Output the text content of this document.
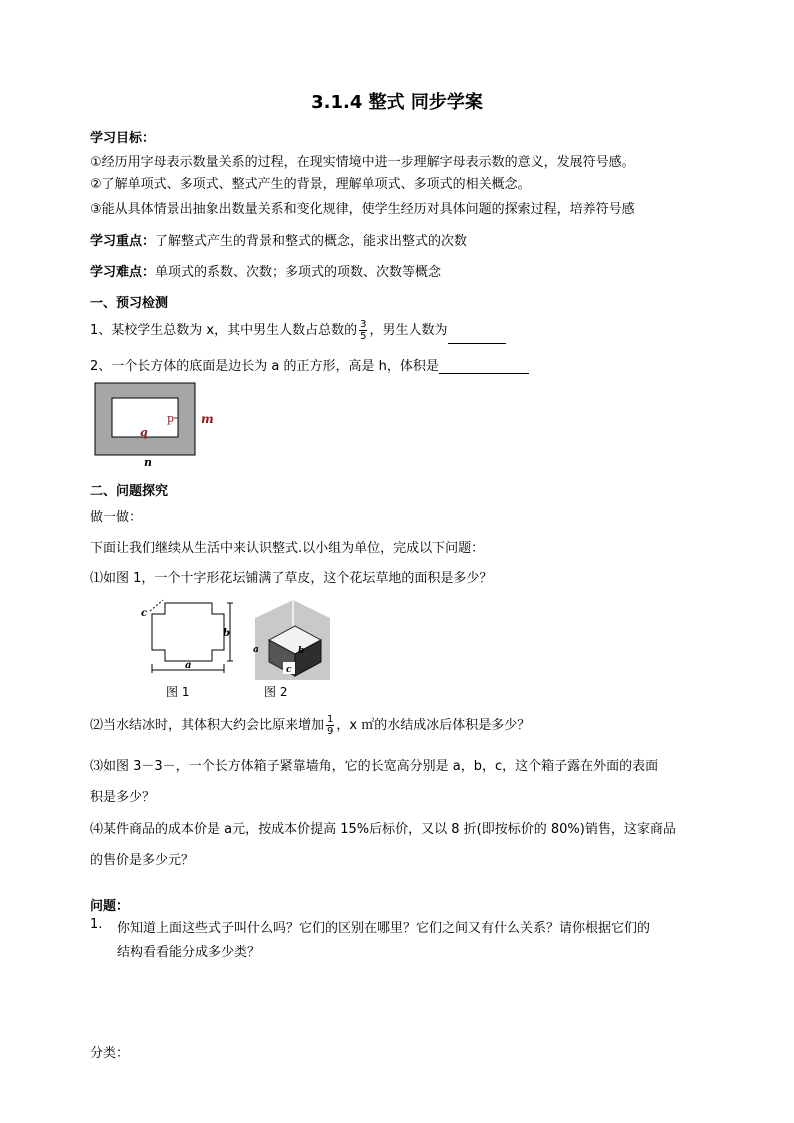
3.1.4 整式 同步学案
学习目标：
①经历用字母表示数量关系的过程，在现实情境中进一步理解字母表示数的意义，发展符号感。
②了解单项式、多项式、整式产生的背景，理解单项式、多项式的相关概念。
③能从具体情景出抽象出数量关系和变化规律，使学生经历对具体问题的探索过程，培养符号感
学习重点：了解整式产生的背景和整式的概念，能求出整式的次数
学习难点：单项式的系数、次数；多项式的项数、次数等概念
一、预习检测
1、某校学生总数为 x，其中男生人数占总数的 $\frac{3}{5}$ ，男生人数为
2、一个长方体的底面是边长为 a 的正方形，高是 h，体积是
p m
q
n
二、问题探究
做一做：
下面让我们继续从生活中来认识整式.以小组为单位，完成以下问题：
⑴如图 1，一个十字形花坛铺满了草皮，这个花坛草地的面积是多少？
c
b
a
图 1
a	b
c
图 2
⑵当水结冰时，其体积大约会比原来增加 $\frac{1}{9}$ ，x ㎡的水结成冰后体积是多少？
⑶如图 3－3－，一个长方体箱子紧靠墙角，它的长宽高分别是 a，b，c，这个箱子露在外面的表面
积是多少？
⑷某件商品的成本价是 a元，按成本价提高 15%后标价，又以 8 折(即按标价的 80%)销售，这家商品
的售价是多少元？
问题：
1. 你知道上面这些式子叫什么吗？它们的区别在哪里？它们之间又有什么关系？请你根据它们的
结构看看能分成多少类？
分类：
